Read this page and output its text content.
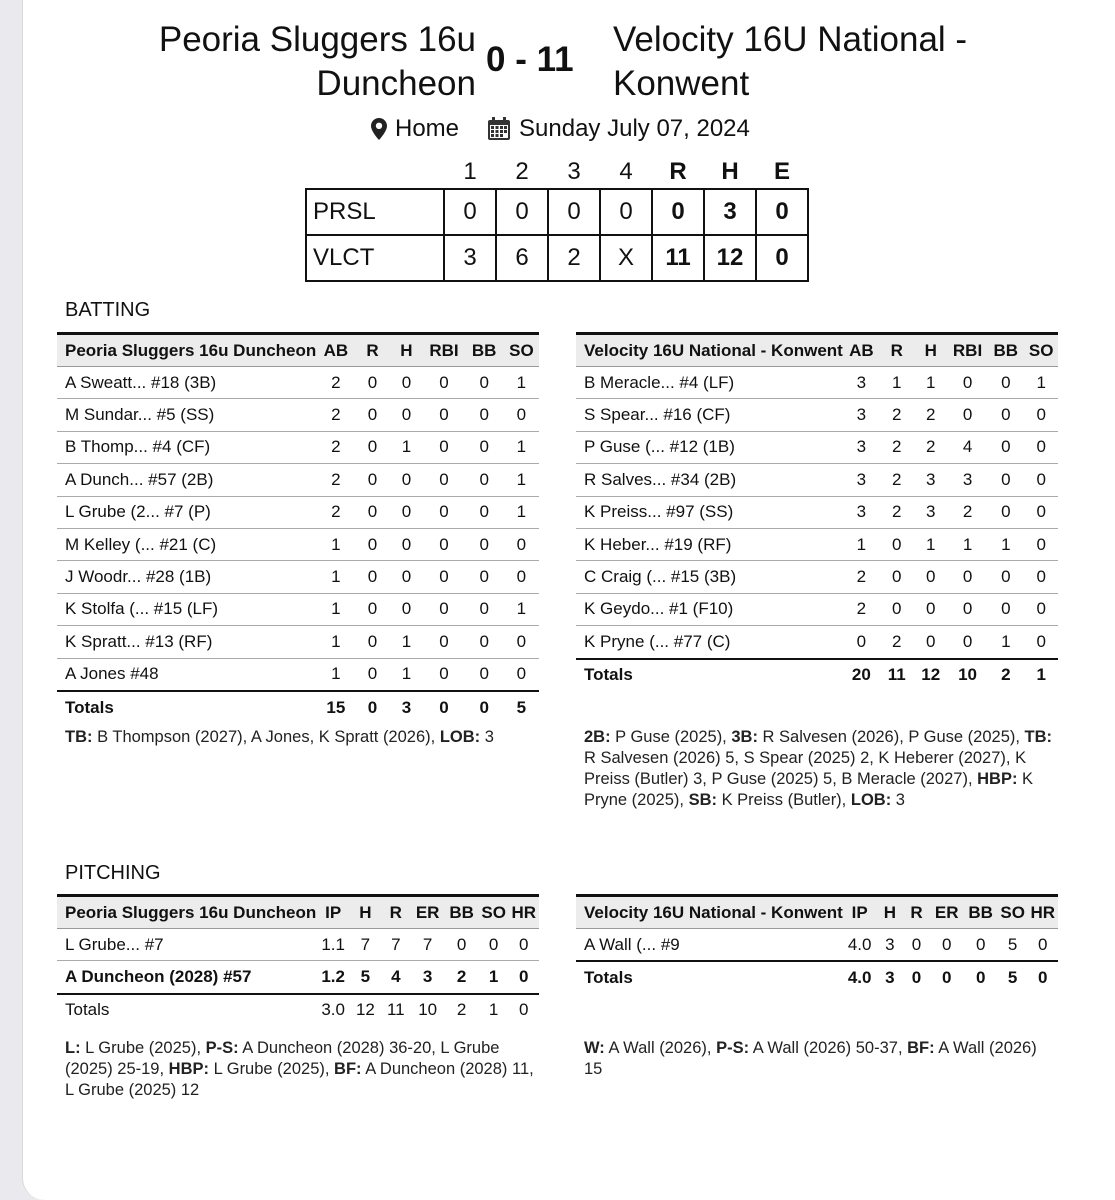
Peoria Sluggers 16u
Duncheon
0 - 11
Velocity 16U National -
Konwent
Home	Sunday July 07, 2024
	1	2	3	4	R	H	E
PRSL	0	0	0	0	0	3	0
VLCT	3	6	2	X	11	12	0
BATTING
Peoria Sluggers 16u Duncheon	AB	R	H	RBI	BB	SO
A Sweatt... #18 (3B)	2	0	0	0	0	1
M Sundar... #5 (SS)	2	0	0	0	0	0
B Thomp... #4 (CF)	2	0	1	0	0	1
A Dunch... #57 (2B)	2	0	0	0	0	1
L Grube (2... #7 (P)	2	0	0	0	0	1
M Kelley (... #21 (C)	1	0	0	0	0	0
J Woodr... #28 (1B)	1	0	0	0	0	0
K Stolfa (... #15 (LF)	1	0	0	0	0	1
K Spratt... #13 (RF)	1	0	1	0	0	0
A Jones #48	1	0	1	0	0	0
Totals	15	0	3	0	0	5
Velocity 16U National - Konwent	AB	R	H	RBI	BB	SO
B Meracle... #4 (LF)	3	1	1	0	0	1
S Spear... #16 (CF)	3	2	2	0	0	0
P Guse (... #12 (1B)	3	2	2	4	0	0
R Salves... #34 (2B)	3	2	3	3	0	0
K Preiss... #97 (SS)	3	2	3	2	0	0
K Heber... #19 (RF)	1	0	1	1	1	0
C Craig (... #15 (3B)	2	0	0	0	0	0
K Geydo... #1 (F10)	2	0	0	0	0	0
K Pryne (... #77 (C)	0	2	0	0	1	0
Totals	20	11	12	10	2	1
TB: B Thompson (2027), A Jones, K Spratt (2026), LOB: 3	2B: P Guse (2025), 3B: R Salvesen (2026), P Guse (2025), TB: R Salvesen (2026) 5, S Spear (2025) 2, K Heberer (2027), K Preiss (Butler) 3, P Guse (2025) 5, B Meracle (2027), HBP: K Pryne (2025), SB: K Preiss (Butler), LOB: 3
PITCHING
Peoria Sluggers 16u Duncheon	IP	H	R	ER	BB	SO	HR
L Grube... #7	1.1	7	7	7	0	0	0
A Duncheon (2028) #57	1.2	5	4	3	2	1	0
Totals	3.0	12	11	10	2	1	0
Velocity 16U National - Konwent	IP	H	R	ER	BB	SO	HR
A Wall (... #9	4.0	3	0	0	0	5	0
Totals	4.0	3	0	0	0	5	0
L: L Grube (2025), P-S: A Duncheon (2028) 36-20, L Grube (2025) 25-19, HBP: L Grube (2025), BF: A Duncheon (2028) 11, L Grube (2025) 12
W: A Wall (2026), P-S: A Wall (2026) 50-37, BF: A Wall (2026) 15
